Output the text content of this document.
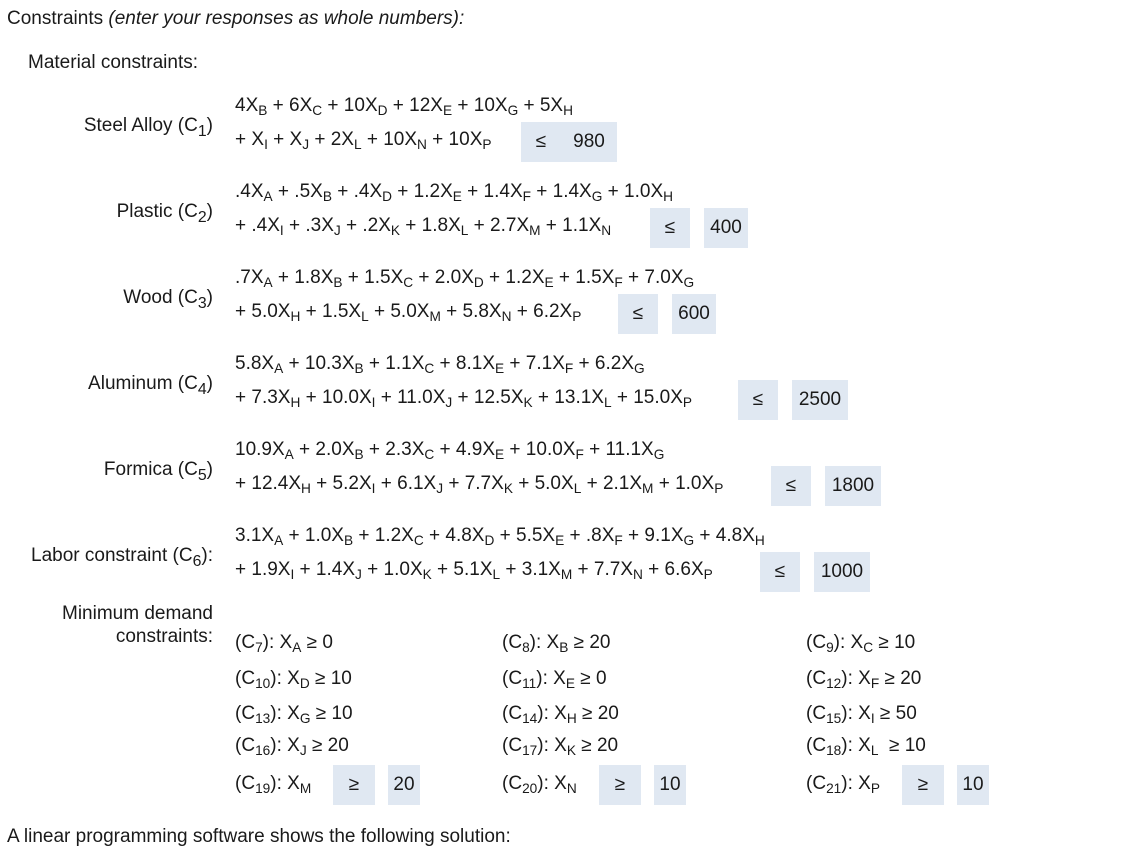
Constraints (enter your responses as whole numbers):
Material constraints:
Steel Alloy $(C_1)$
$4X_B + 6X_C + 10X_D + 12X_E + 10X_G + 5X_H$
+ $X_I + X_J + 2X_L + 10X_N + 10X_P$	≤	980
Plastic $(C_2)$
$.4X_A + .5X_B + .4X_D + 1.2X_E + 1.4X_F + 1.4X_G + 1.0X_H$
+ $.4X_I + .3X_J + .2X_K + 1.8X_L + 2.7X_M + 1.1X_N$	≤	400
Wood $(C_3)$
$.7X_A + 1.8X_B + 1.5X_C + 2.0X_D + 1.2X_E + 1.5X_F + 7.0X_G$
+ $5.0X_H + 1.5X_L + 5.0X_M + 5.8X_N + 6.2X_P$	≤	600
Aluminum $(C_4)$
$5.8X_A + 10.3X_B + 1.1X_C + 8.1X_E + 7.1X_F + 6.2X_G$
+ $7.3X_H + 10.0X_I + 11.0X_J + 12.5X_K + 13.1X_L + 15.0X_P$	≤	2500
Formica $(C_5)$
$10.9X_A + 2.0X_B + 2.3X_C + 4.9X_E + 10.0X_F + 11.1X_G$
+ $12.4X_H + 5.2X_I + 6.1X_J + 7.7X_K + 5.0X_L + 2.1X_M + 1.0X_P$	≤	1800
Labor constraint $(C_6)$:
$3.1X_A + 1.0X_B + 1.2X_C + 4.8X_D + 5.5X_E + .8X_F + 9.1X_G + 4.8X_H$
+ $1.9X_I + 1.4X_J + 1.0X_K + 5.1X_L + 3.1X_M + 7.7X_N + 6.6X_P$	≤	1000
Minimum demand
constraints: $(C_7)$: $X_A \ge 0$	$(C_8)$: $X_B \ge 20$	$(C_9)$: $X_C \ge 10$
$(C_{10})$: $X_D \ge 10$	$(C_{11})$: $X_E \ge 0$	$(C_{12})$: $X_F \ge 20$
$(C_{13})$: $X_G \ge 10$	$(C_{14})$: $X_H \ge 20$	$(C_{15})$: $X_I \ge 50$
$(C_{16})$: $X_J \ge 20$	$(C_{17})$: $X_K \ge 20$	$(C_{18})$: $X_L \ge 10$
$(C_{19})$: $X_M$	≥	20	$(C_{20})$: $X_N$	≥	10	$(C_{21})$: $X_P$	≥	10
A linear programming software shows the following solution:
